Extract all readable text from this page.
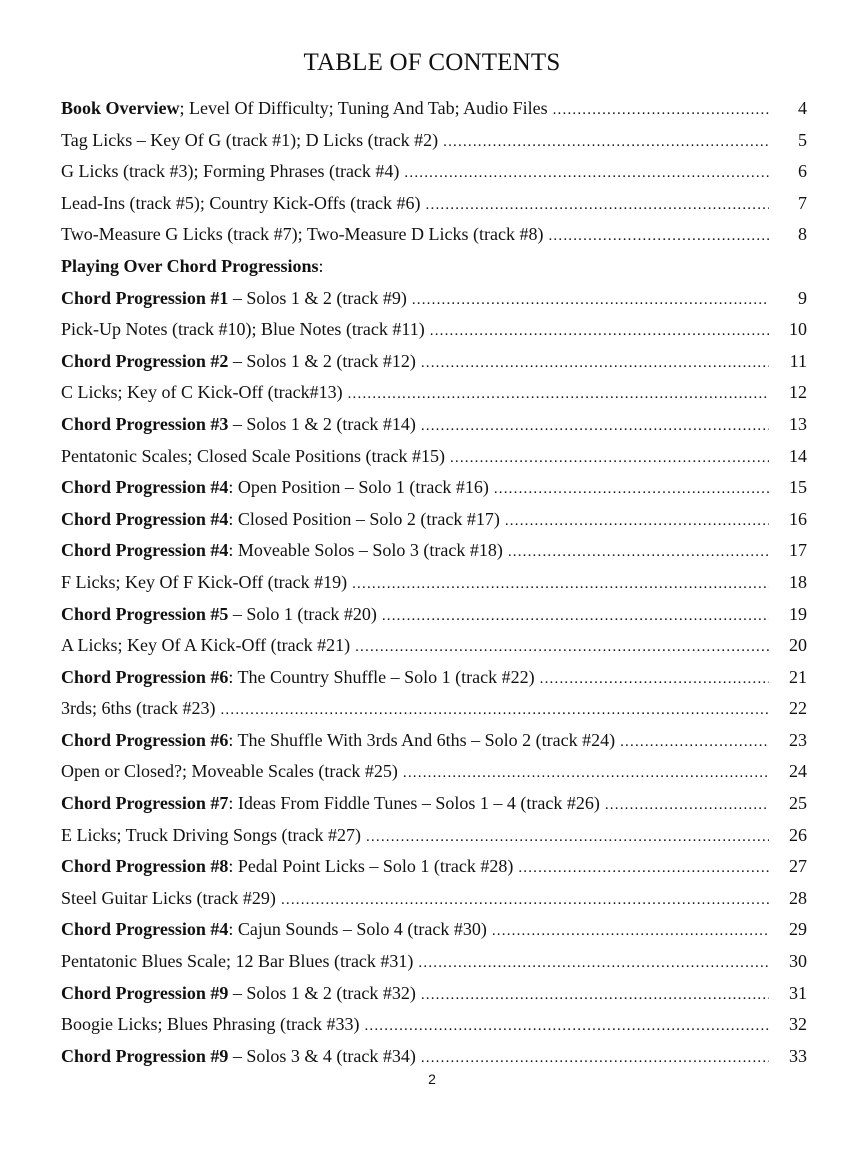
TABLE OF CONTENTS
Book Overview; Level Of Difficulty; Tuning And Tab; Audio Files .....	4
Tag Licks – Key Of G (track #1); D Licks (track #2) .....	5
G Licks (track #3); Forming Phrases (track #4) .....	6
Lead-Ins (track #5); Country Kick-Offs (track #6) .....	7
Two-Measure G Licks (track #7); Two-Measure D Licks (track #8) .....	8
Playing Over Chord Progressions:
Chord Progression #1 – Solos 1 & 2 (track #9) .....	9
Pick-Up Notes (track #10); Blue Notes (track #11) .....	10
Chord Progression #2 – Solos 1 & 2 (track #12) .....	11
C Licks; Key of C Kick-Off (track#13) .....	12
Chord Progression #3 – Solos 1 & 2 (track #14) .....	13
Pentatonic Scales; Closed Scale Positions (track #15) .....	14
Chord Progression #4: Open Position – Solo 1 (track #16) .....	15
Chord Progression #4: Closed Position – Solo 2 (track #17) .....	16
Chord Progression #4: Moveable Solos – Solo 3 (track #18) .....	17
F Licks; Key Of F Kick-Off (track #19) .....	18
Chord Progression #5 – Solo 1 (track #20) .....	19
A Licks; Key Of A Kick-Off (track #21) .....	20
Chord Progression #6: The Country Shuffle – Solo 1 (track #22) .....	21
3rds; 6ths (track #23) .....	22
Chord Progression #6: The Shuffle With 3rds And 6ths – Solo 2 (track #24) .....	23
Open or Closed?; Moveable Scales (track #25) .....	24
Chord Progression #7: Ideas From Fiddle Tunes – Solos 1 – 4 (track #26) .....	25
E Licks; Truck Driving Songs (track #27) .....	26
Chord Progression #8: Pedal Point Licks – Solo 1 (track #28) .....	27
Steel Guitar Licks (track #29) .....	28
Chord Progression #4: Cajun Sounds – Solo 4 (track #30) .....	29
Pentatonic Blues Scale; 12 Bar Blues (track #31) .....	30
Chord Progression #9 – Solos 1 & 2 (track #32) .....	31
Boogie Licks; Blues Phrasing (track #33) .....	32
Chord Progression #9 – Solos 3 & 4 (track #34) .....	33
2
